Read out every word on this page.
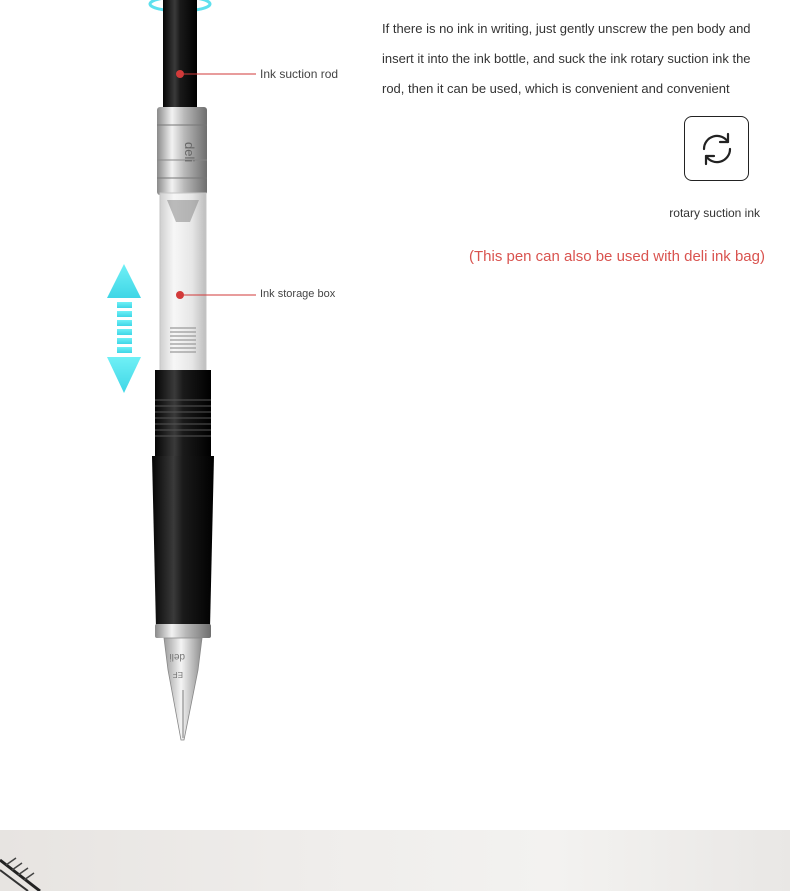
deli
deli
EF
Ink suction rod
Ink storage box

If there is no ink in writing, just gently unscrew the pen body and insert it into the ink bottle, and suck the ink rotary suction ink the rod, then it can be used, which is convenient and convenient

rotary suction ink
(This pen can also be used with deli ink bag)
